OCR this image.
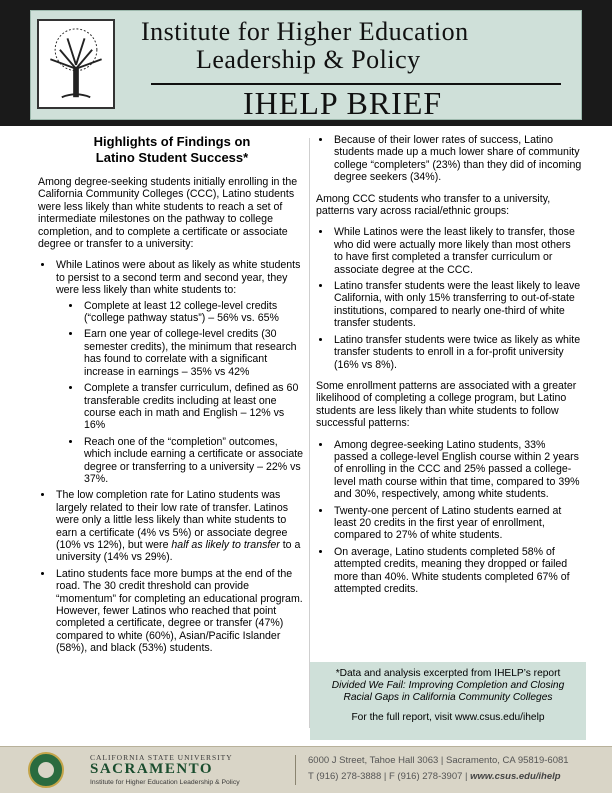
Institute for Higher Education
Leadership & Policy
IHELP BRIEF
Highlights of Findings on
Latino Student Success*

Among degree-seeking students initially enrolling in the California Community Colleges (CCC), Latino students were less likely than white students to reach a set of intermediate milestones on the pathway to college completion, and to complete a certificate or associate degree or transfer to a university:

• While Latinos were about as likely as white students to persist to a second term and second year, they were less likely than white students to:
• Complete at least 12 college-level credits (“college pathway status”) – 56% vs. 65%
• Earn one year of college-level credits (30 semester credits), the minimum that research has found to correlate with a significant increase in earnings – 35% vs 42%
• Complete a transfer curriculum, defined as 60 transferable credits including at least one course each in math and English – 12% vs 16%
• Reach one of the “completion” outcomes, which include earning a certificate or associate degree or transferring to a university – 22% vs 37%.
• The low completion rate for Latino students was largely related to their low rate of transfer. Latinos were only a little less likely than white students to earn a certificate (4% vs 5%) or associate degree (10% vs 12%), but were half as likely to transfer to a university (14% vs 29%).
• Latino students face more bumps at the end of the road. The 30 credit threshold can provide “momentum” for completing an educational program. However, fewer Latinos who reached that point completed a certificate, degree or transfer (47%) compared to white (60%), Asian/Pacific Islander (58%), and black (53%) students.
• Because of their lower rates of success, Latino students made up a much lower share of community college “completers” (23%) than they did of incoming degree seekers (34%).

Among CCC students who transfer to a university, patterns vary across racial/ethnic groups:

• While Latinos were the least likely to transfer, those who did were actually more likely than most others to have first completed a transfer curriculum or associate degree at the CCC.
• Latino transfer students were the least likely to leave California, with only 15% transferring to out-of-state institutions, compared to nearly one-third of white transfer students.
• Latino transfer students were twice as likely as white transfer students to enroll in a for-profit university (16% vs 8%).

Some enrollment patterns are associated with a greater likelihood of completing a college program, but Latino students are less likely than white students to follow successful patterns:

• Among degree-seeking Latino students, 33% passed a college-level English course within 2 years of enrolling in the CCC and 25% passed a college-level math course within that time, compared to 39% and 30%, respectively, among white students.
• Twenty-one percent of Latino students earned at least 20 credits in the first year of enrollment, compared to 27% of white students.
• On average, Latino students completed 58% of attempted credits, meaning they dropped or failed more than 40%. White students completed 67% of attempted credits.
*Data and analysis excerpted from IHELP’s report
Divided We Fail: Improving Completion and Closing Racial Gaps in California Community Colleges
For the full report, visit www.csus.edu/ihelp
CALIFORNIA STATE UNIVERSITY
SACRAMENTO
Institute for Higher Education Leadership & Policy
6000 J Street, Tahoe Hall 3063 | Sacramento, CA 95819-6081
T (916) 278-3888 | F (916) 278-3907 | www.csus.edu/ihelp
